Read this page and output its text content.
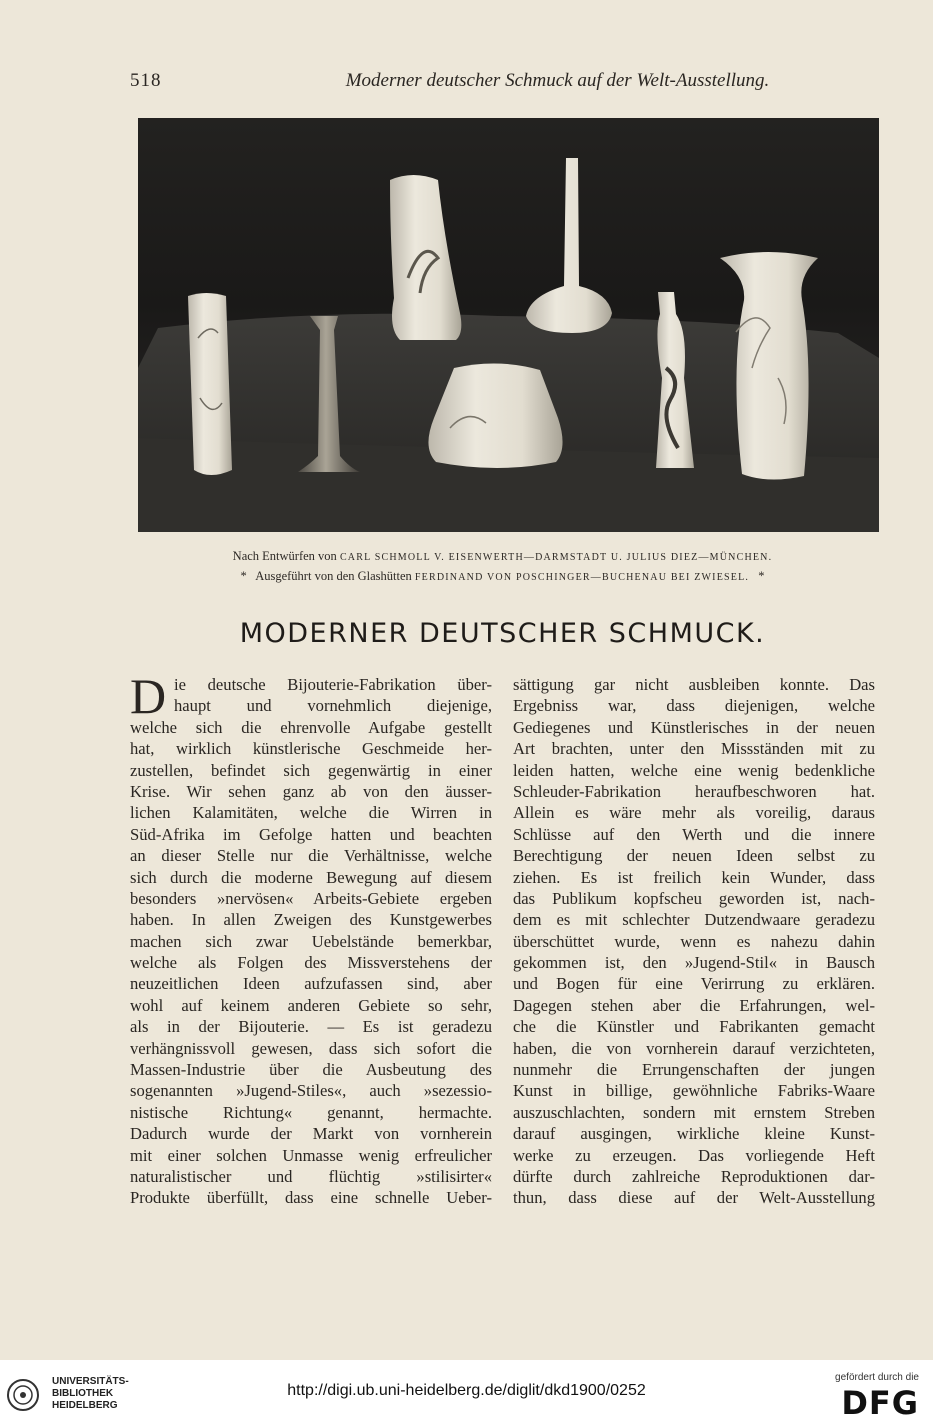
518	Moderner deutscher Schmuck auf der Welt-Ausstellung.
Nach Entwürfen von CARL SCHMOLL V. EISENWERTH—DARMSTADT U. JULIUS DIEZ—MÜNCHEN.
* Ausgeführt von den Glashütten FERDINAND VON POSCHINGER—BUCHENAU BEI ZWIESEL. *
MODERNER DEUTSCHER SCHMUCK.
D ie deutsche Bijouterie-Fabrikation über-
haupt und vornehmlich diejenige,
welche sich die ehrenvolle Aufgabe gestellt
hat, wirklich künstlerische Geschmeide her-
zustellen, befindet sich gegenwärtig in einer
Krise. Wir sehen ganz ab von den äusser-
lichen Kalamitäten, welche die Wirren in
Süd-Afrika im Gefolge hatten und beachten
an dieser Stelle nur die Verhältnisse, welche
sich durch die moderne Bewegung auf diesem
besonders »nervösen« Arbeits-Gebiete ergeben
haben. In allen Zweigen des Kunstgewerbes
machen sich zwar Uebelstände bemerkbar,
welche als Folgen des Missverstehens der
neuzeitlichen Ideen aufzufassen sind, aber
wohl auf keinem anderen Gebiete so sehr,
als in der Bijouterie. — Es ist geradezu
verhängnissvoll gewesen, dass sich sofort die
Massen-Industrie über die Ausbeutung des
sogenannten »Jugend-Stiles«, auch »sezessio-
nistische Richtung« genannt, hermachte.
Dadurch wurde der Markt von vornherein
mit einer solchen Unmasse wenig erfreulicher
naturalistischer und flüchtig »stilisirter«
Produkte überfüllt, dass eine schnelle Ueber-
sättigung gar nicht ausbleiben konnte. Das
Ergebniss war, dass diejenigen, welche
Gediegenes und Künstlerisches in der neuen
Art brachten, unter den Missständen mit zu
leiden hatten, welche eine wenig bedenkliche
Schleuder-Fabrikation heraufbeschworen hat.
Allein es wäre mehr als voreilig, daraus
Schlüsse auf den Werth und die innere
Berechtigung der neuen Ideen selbst zu
ziehen. Es ist freilich kein Wunder, dass
das Publikum kopfscheu geworden ist, nach-
dem es mit schlechter Dutzendwaare geradezu
überschüttet wurde, wenn es nahezu dahin
gekommen ist, den »Jugend-Stil« in Bausch
und Bogen für eine Verirrung zu erklären.
Dagegen stehen aber die Erfahrungen, wel-
che die Künstler und Fabrikanten gemacht
haben, die von vornherein darauf verzichteten,
nunmehr die Errungenschaften der jungen
Kunst in billige, gewöhnliche Fabriks-Waare
auszuschlachten, sondern mit ernstem Streben
darauf ausgingen, wirkliche kleine Kunst-
werke zu erzeugen. Das vorliegende Heft
dürfte durch zahlreiche Reproduktionen dar-
thun, dass diese auf der Welt-Ausstellung
UNIVERSITÄTS-
BIBLIOTHEK
HEIDELBERG
http://digi.ub.uni-heidelberg.de/diglit/dkd1900/0252
gefördert durch die
DFG
